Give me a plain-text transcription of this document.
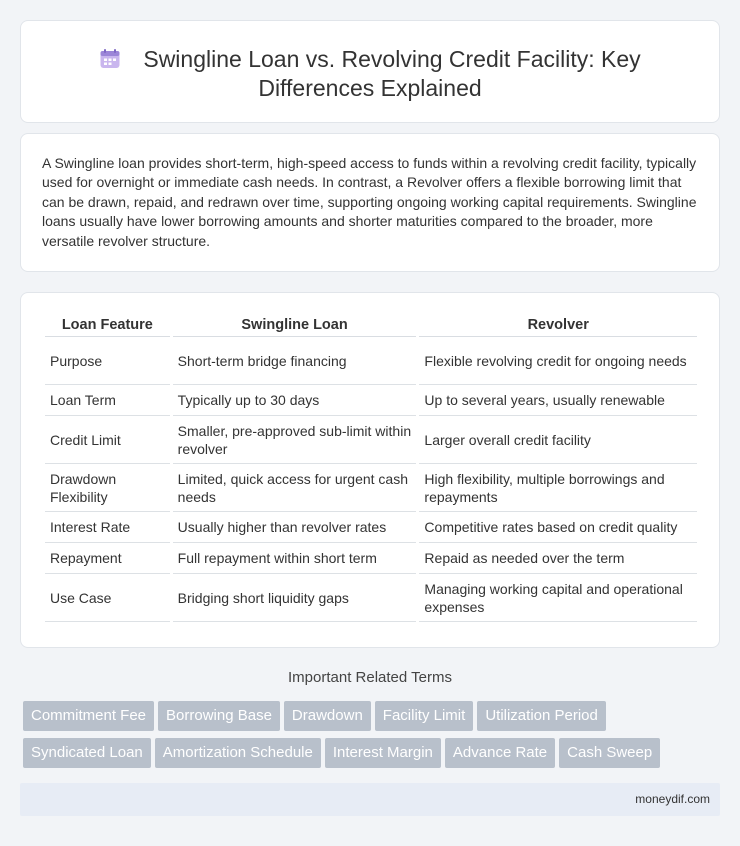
Swingline Loan vs. Revolving Credit Facility: Key
Differences Explained

A Swingline loan provides short-term, high-speed access to funds within a revolving credit facility, typically used for overnight or immediate cash needs. In contrast, a Revolver offers a flexible borrowing limit that can be drawn, repaid, and redrawn over time, supporting ongoing working capital requirements. Swingline loans usually have lower borrowing amounts and shorter maturities compared to the broader, more versatile revolver structure.

Loan Feature	Swingline Loan	Revolver
Purpose	Short-term bridge financing	Flexible revolving credit for ongoing needs
Loan Term	Typically up to 30 days	Up to several years, usually renewable
Credit Limit	Smaller, pre-approved sub-limit within revolver	Larger overall credit facility
Drawdown Flexibility	Limited, quick access for urgent cash needs	High flexibility, multiple borrowings and repayments
Interest Rate	Usually higher than revolver rates	Competitive rates based on credit quality
Repayment	Full repayment within short term	Repaid as needed over the term
Use Case	Bridging short liquidity gaps	Managing working capital and operational expenses
Important Related Terms
Commitment Fee Borrowing Base Drawdown Facility Limit Utilization Period
Syndicated Loan Amortization Schedule Interest Margin Advance Rate Cash Sweep
moneydif.com
